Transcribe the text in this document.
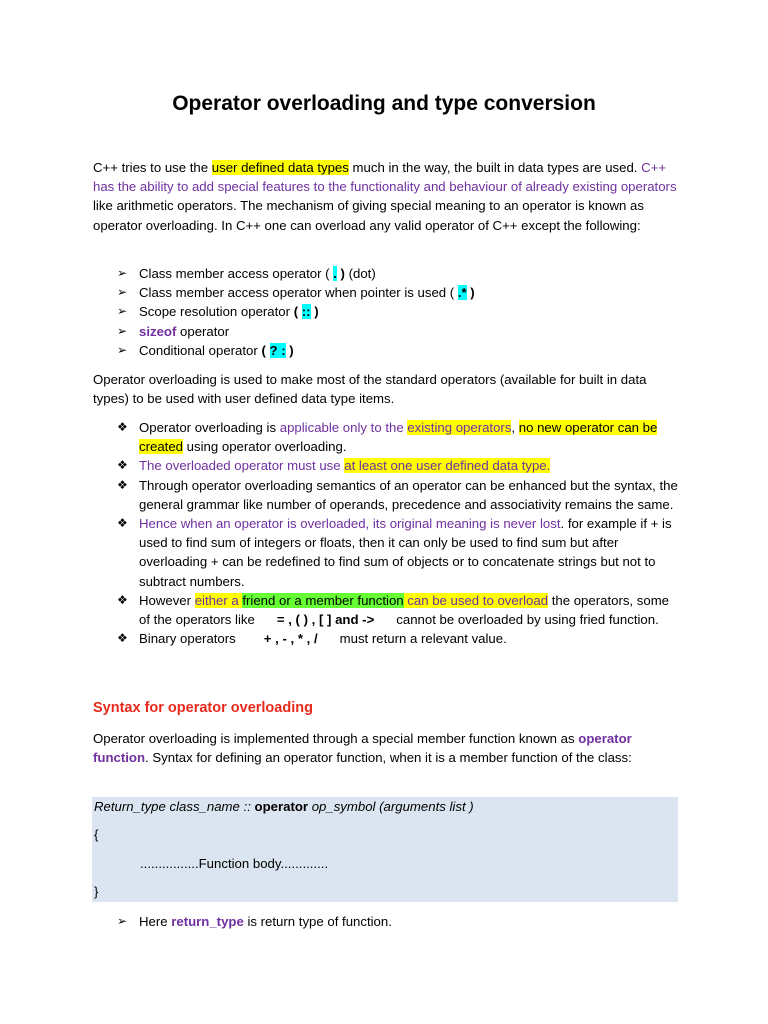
Operator overloading and type conversion
C++ tries to use the user defined data types much in the way, the built in data types are used. C++ has the ability to add special features to the functionality and behaviour of already existing operators like arithmetic operators. The mechanism of giving special meaning to an operator is known as operator overloading. In C++ one can overload any valid operator of C++ except the following:
➢ Class member access operator ( . ) (dot)
➢ Class member access operator when pointer is used ( .* )
➢ Scope resolution operator ( :: )
➢ sizeof operator
➢ Conditional operator ( ? : )
Operator overloading is used to make most of the standard operators (available for built in data types) to be used with user defined data type items.
❖ Operator overloading is applicable only to the existing operators, no new operator can be created using operator overloading.
❖ The overloaded operator must use at least one user defined data type.
❖ Through operator overloading semantics of an operator can be enhanced but the syntax, the general grammar like number of operands, precedence and associativity remains the same.
❖ Hence when an operator is overloaded, its original meaning is never lost. for example if + is used to find sum of integers or floats, then it can only be used to find sum but after overloading + can be redefined to find sum of objects or to concatenate strings but not to subtract numbers.
❖ However either a friend or a member function can be used to overload the operators, some of the operators like = , ( ) , [ ] and -> cannot be overloaded by using fried function.
❖ Binary operators + , - , * , / must return a relevant value.
Syntax for operator overloading
Operator overloading is implemented through a special member function known as operator function. Syntax for defining an operator function, when it is a member function of the class:
Return_type class_name :: operator op_symbol (arguments list )
{
................Function body.............
}
➢ Here return_type is return type of function.
